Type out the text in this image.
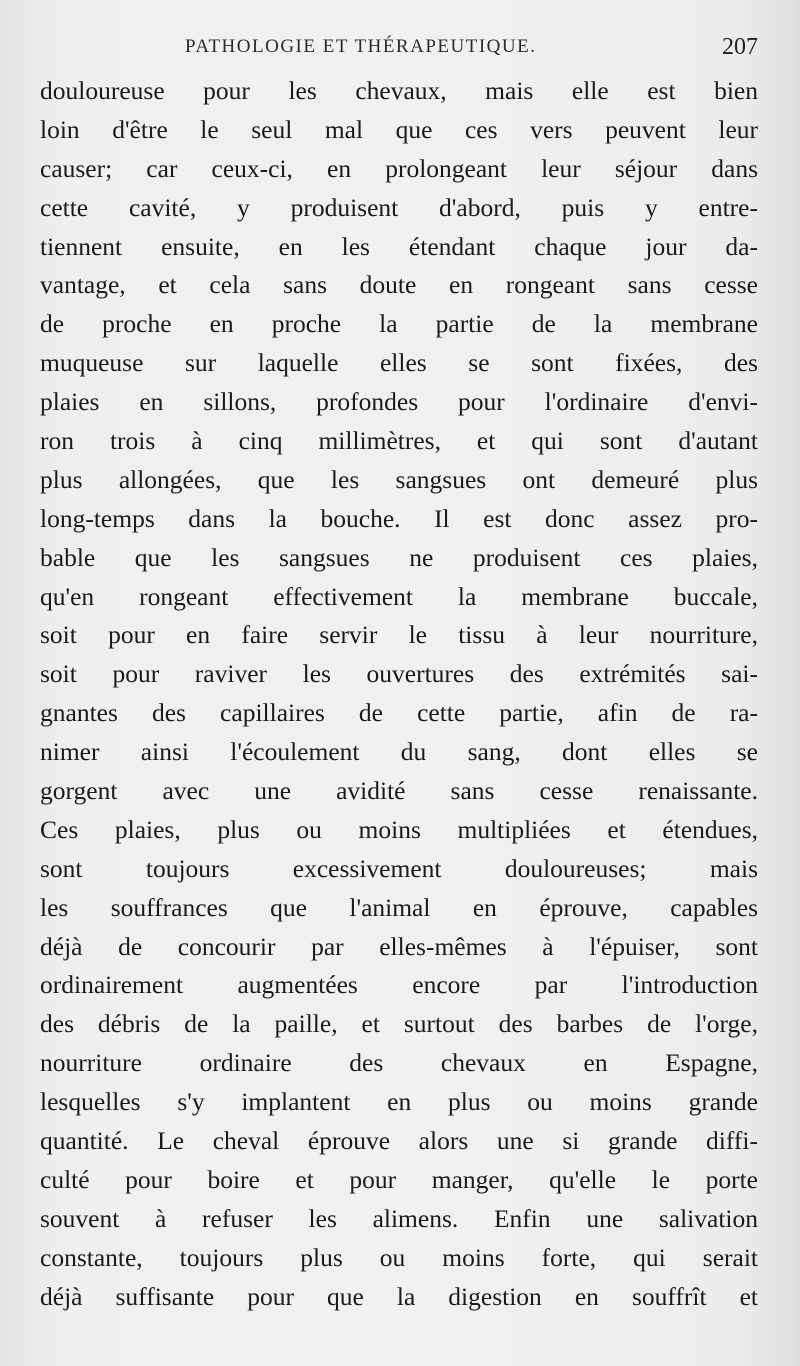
PATHOLOGIE ET THÉRAPEUTIQUE.	207
douloureuse pour les chevaux, mais elle est bien
loin d'être le seul mal que ces vers peuvent leur
causer; car ceux-ci, en prolongeant leur séjour dans
cette cavité, y produisent d'abord, puis y entre-
tiennent ensuite, en les étendant chaque jour da-
vantage, et cela sans doute en rongeant sans cesse
de proche en proche la partie de la membrane
muqueuse sur laquelle elles se sont fixées, des
plaies en sillons, profondes pour l'ordinaire d'envi-
ron trois à cinq millimètres, et qui sont d'autant
plus allongées, que les sangsues ont demeuré plus
long-temps dans la bouche. Il est donc assez pro-
bable que les sangsues ne produisent ces plaies,
qu'en rongeant effectivement la membrane buccale,
soit pour en faire servir le tissu à leur nourriture,
soit pour raviver les ouvertures des extrémités sai-
gnantes des capillaires de cette partie, afin de ra-
nimer ainsi l'écoulement du sang, dont elles se
gorgent avec une avidité sans cesse renaissante.
Ces plaies, plus ou moins multipliées et étendues,
sont toujours excessivement douloureuses; mais
les souffrances que l'animal en éprouve, capables
déjà de concourir par elles-mêmes à l'épuiser, sont
ordinairement augmentées encore par l'introduction
des débris de la paille, et surtout des barbes de l'orge,
nourriture ordinaire des chevaux en Espagne,
lesquelles s'y implantent en plus ou moins grande
quantité. Le cheval éprouve alors une si grande diffi-
culté pour boire et pour manger, qu'elle le porte
souvent à refuser les alimens. Enfin une salivation
constante, toujours plus ou moins forte, qui serait
déjà suffisante pour que la digestion en souffrît et
